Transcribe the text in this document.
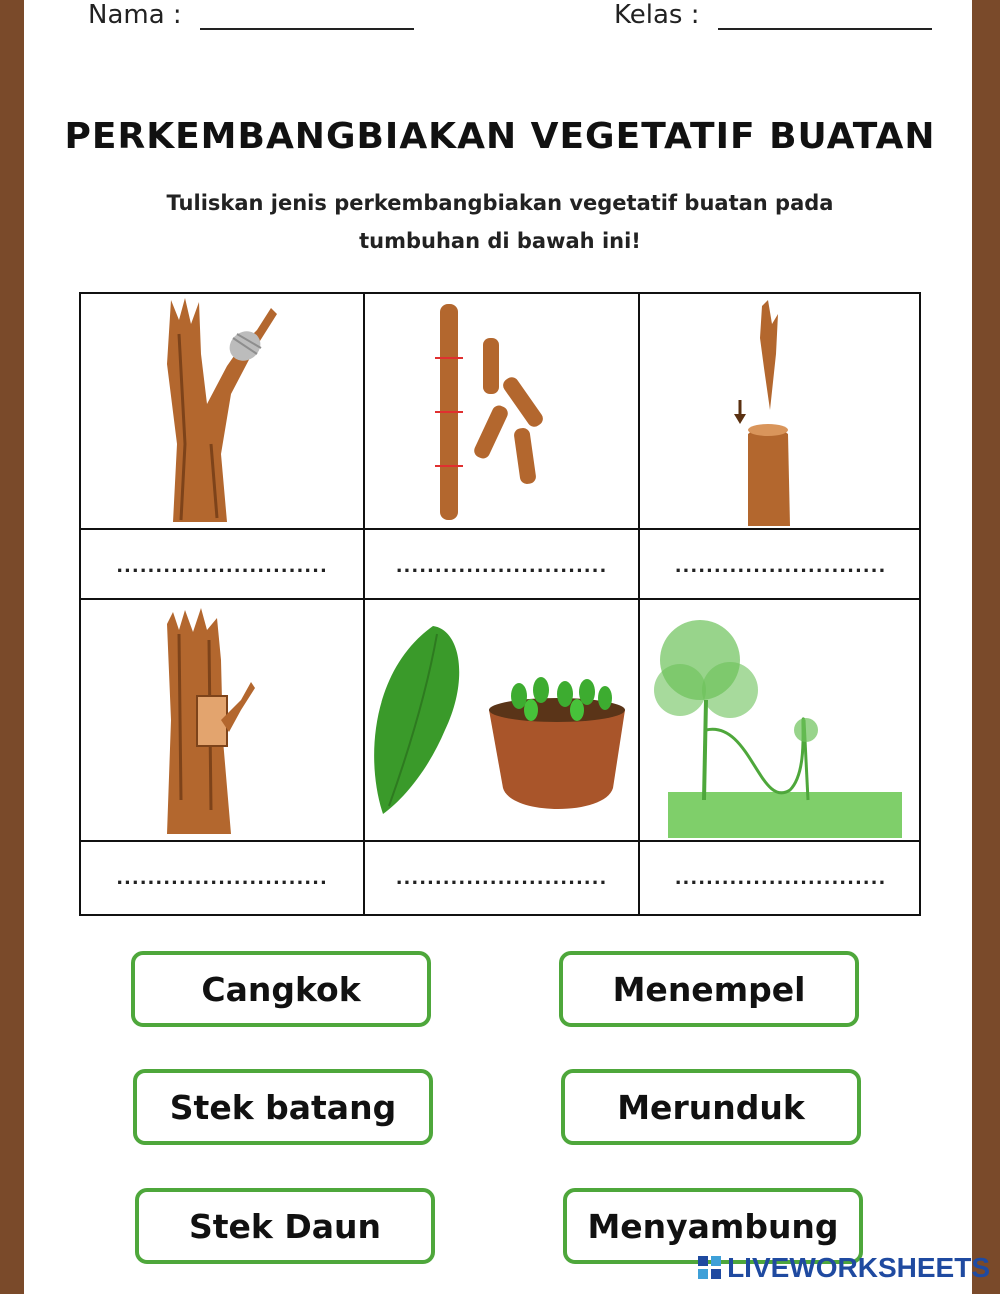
Nama :	Kelas :
PERKEMBANGBIAKAN VEGETATIF BUATAN
Tuliskan jenis perkembangbiakan vegetatif buatan pada
tumbuhan di bawah ini!
...........................	...........................	...........................
...........................	...........................	...........................
Cangkok	Menempel
Stek batang	Merunduk
Stek Daun	Menyambung
LIVEWORKSHEETS
